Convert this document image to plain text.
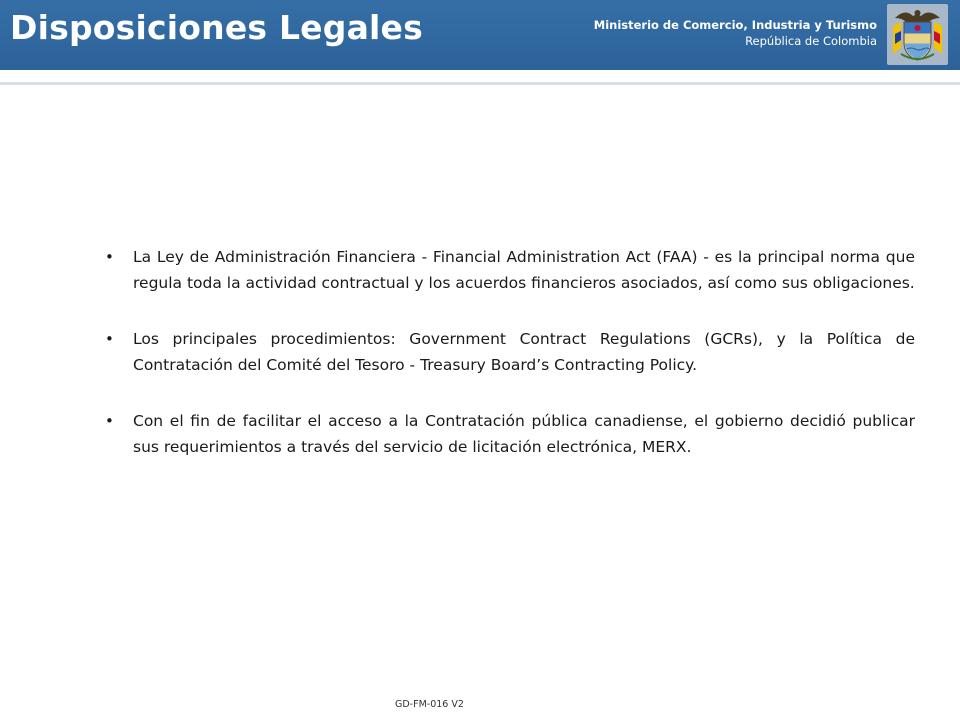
Disposiciones Legales	Ministerio de Comercio, Industria y Turismo
República de Colombia
• La Ley de Administración Financiera - Financial Administration Act (FAA) - es la principal norma que regula toda la actividad contractual y los acuerdos financieros asociados, así como sus obligaciones.
• Los principales procedimientos: Government Contract Regulations (GCRs), y la Política de Contratación del Comité del Tesoro - Treasury Board’s Contracting Policy.
• Con el fin de facilitar el acceso a la Contratación pública canadiense, el gobierno decidió publicar sus requerimientos a través del servicio de licitación electrónica, MERX.
GD-FM-016 V2
